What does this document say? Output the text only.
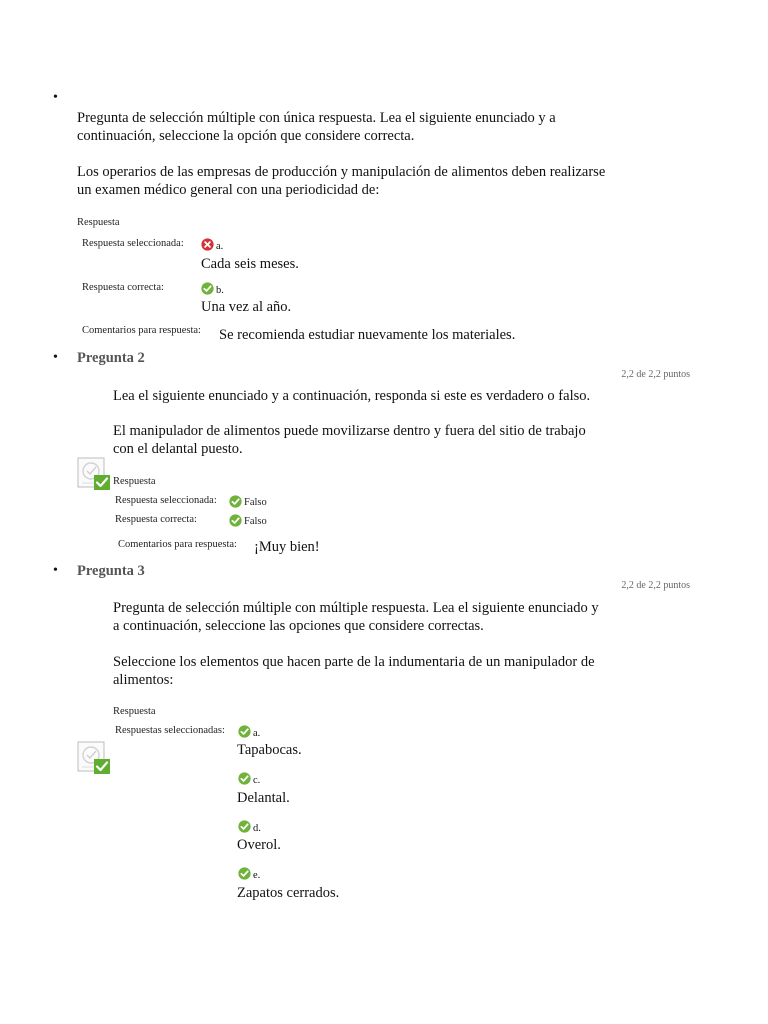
•
Pregunta de selección múltiple con única respuesta. Lea el siguiente enunciado y a
continuación, seleccione la opción que considere correcta.
Los operarios de las empresas de producción y manipulación de alimentos deben realizarse
un examen médico general con una periodicidad de:
Respuesta
Respuesta seleccionada:	a.
Cada seis meses.
Respuesta correcta:	b.
Una vez al año.
Comentarios para respuesta: Se recomienda estudiar nuevamente los materiales.
• Pregunta 2
2,2 de 2,2 puntos
Lea el siguiente enunciado y a continuación, responda si este es verdadero o falso.
El manipulador de alimentos puede movilizarse dentro y fuera del sitio de trabajo
con el delantal puesto.
Respuesta
Respuesta seleccionada:	Falso
Respuesta correcta:	Falso
Comentarios para respuesta: ¡Muy bien!
• Pregunta 3
2,2 de 2,2 puntos
Pregunta de selección múltiple con múltiple respuesta. Lea el siguiente enunciado y
a continuación, seleccione las opciones que considere correctas.
Seleccione los elementos que hacen parte de la indumentaria de un manipulador de
alimentos:
Respuesta
Respuestas seleccionadas:	a.
Tapabocas.
c.
Delantal.
d.
Overol.
e.
Zapatos cerrados.
